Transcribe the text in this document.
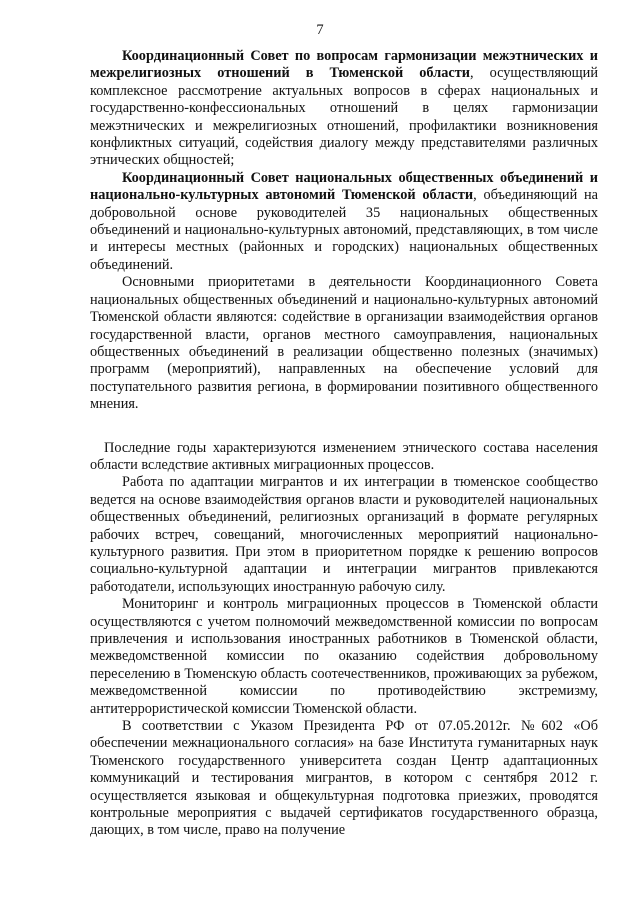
7

Координационный Совет по вопросам гармонизации межэтнических и межрелигиозных отношений в Тюменской области, осуществляющий комплексное рассмотрение актуальных вопросов в сферах национальных и государственно-конфессиональных отношений в целях гармонизации межэтнических и межрелигиозных отношений, профилактики возникновения конфликтных ситуаций, содействия диалогу между представителями различных этнических общностей;

Координационный Совет национальных общественных объединений и национально-культурных автономий Тюменской области, объединяющий на добровольной основе руководителей 35 национальных общественных объединений и национально-культурных автономий, представляющих, в том числе и интересы местных (районных и городских) национальных общественных объединений.

Основными приоритетами в деятельности Координационного Совета национальных общественных объединений и национально-культурных автономий Тюменской области являются: содействие в организации взаимодействия органов государственной власти, органов местного самоуправления, национальных общественных объединений в реализации общественно полезных (значимых) программ (мероприятий), направленных на обеспечение условий для поступательного развития региона, в формировании позитивного общественного мнения.

Последние годы характеризуются изменением этнического состава населения области вследствие активных миграционных процессов.

Работа по адаптации мигрантов и их интеграции в тюменское сообщество ведется на основе взаимодействия органов власти и руководителей национальных общественных объединений, религиозных организаций в формате регулярных рабочих встреч, совещаний, многочисленных мероприятий национально-культурного развития. При этом в приоритетном порядке к решению вопросов социально-культурной адаптации и интеграции мигрантов привлекаются работодатели, использующих иностранную рабочую силу.

Мониторинг и контроль миграционных процессов в Тюменской области осуществляются с учетом полномочий межведомственной комиссии по вопросам привлечения и использования иностранных работников в Тюменской области, межведомственной комиссии по оказанию содействия добровольному переселению в Тюменскую область соотечественников, проживающих за рубежом, межведомственной комиссии по противодействию экстремизму, антитеррористической комиссии Тюменской области.

В соответствии с Указом Президента РФ от 07.05.2012г. №602 «Об обеспечении межнационального согласия» на базе Института гуманитарных наук Тюменского государственного университета создан Центр адаптационных коммуникаций и тестирования мигрантов, в котором с сентября 2012 г. осуществляется языковая и общекультурная подготовка приезжих, проводятся контрольные мероприятия с выдачей сертификатов государственного образца, дающих, в том числе, право на получение
